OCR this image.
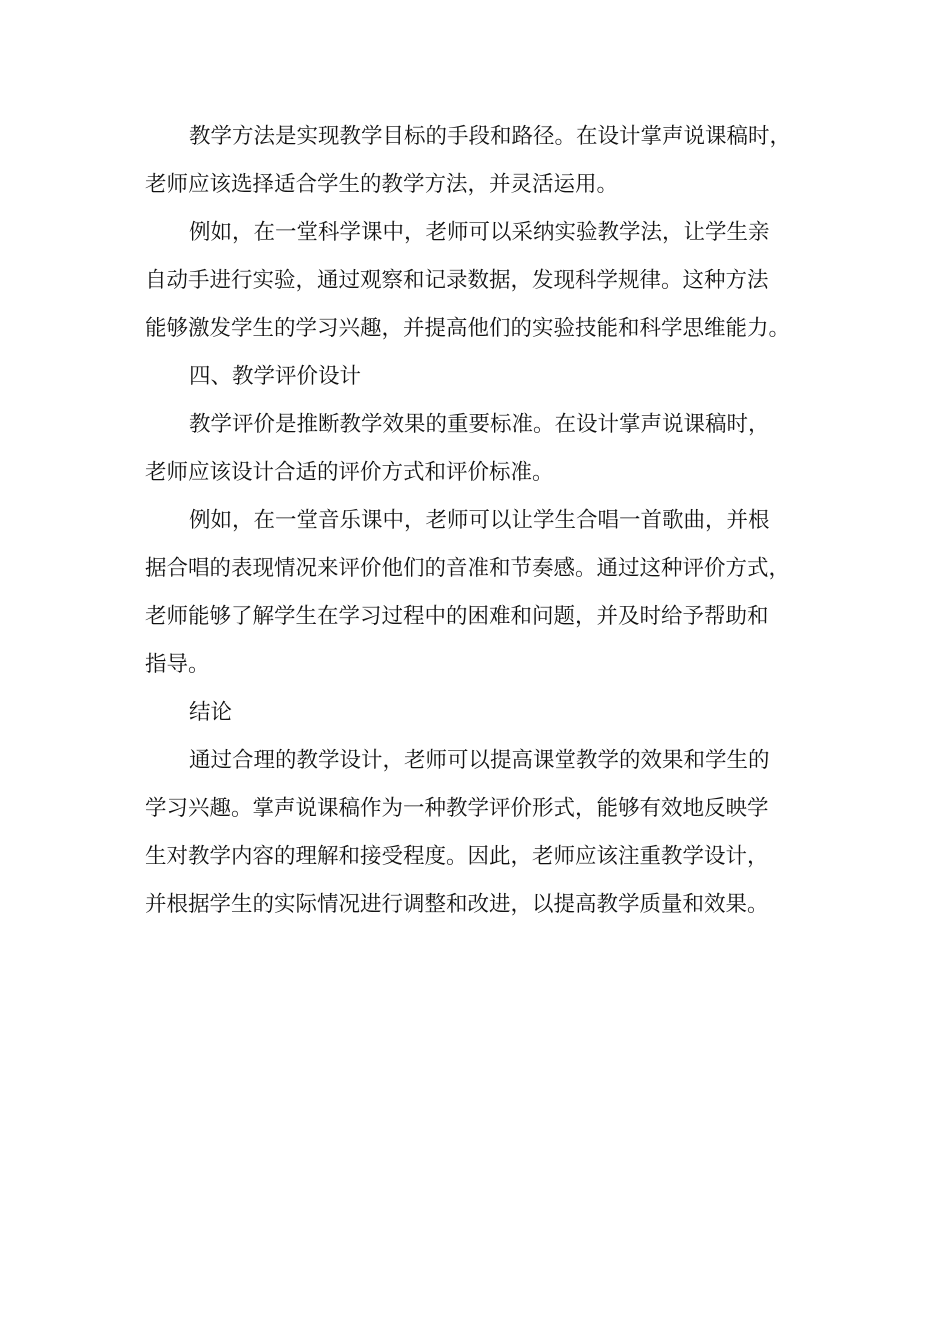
教学方法是实现教学目标的手段和路径。在设计掌声说课稿时，
老师应该选择适合学生的教学方法，并灵活运用。

例如，在一堂科学课中，老师可以采纳实验教学法，让学生亲
自动手进行实验，通过观察和记录数据，发现科学规律。这种方法
能够激发学生的学习兴趣，并提高他们的实验技能和科学思维能力。

四、教学评价设计

教学评价是推断教学效果的重要标准。在设计掌声说课稿时，
老师应该设计合适的评价方式和评价标准。

例如，在一堂音乐课中，老师可以让学生合唱一首歌曲，并根
据合唱的表现情况来评价他们的音准和节奏感。通过这种评价方式，
老师能够了解学生在学习过程中的困难和问题，并及时给予帮助和
指导。

结论

通过合理的教学设计，老师可以提高课堂教学的效果和学生的
学习兴趣。掌声说课稿作为一种教学评价形式，能够有效地反映学
生对教学内容的理解和接受程度。因此，老师应该注重教学设计，
并根据学生的实际情况进行调整和改进，以提高教学质量和效果。
